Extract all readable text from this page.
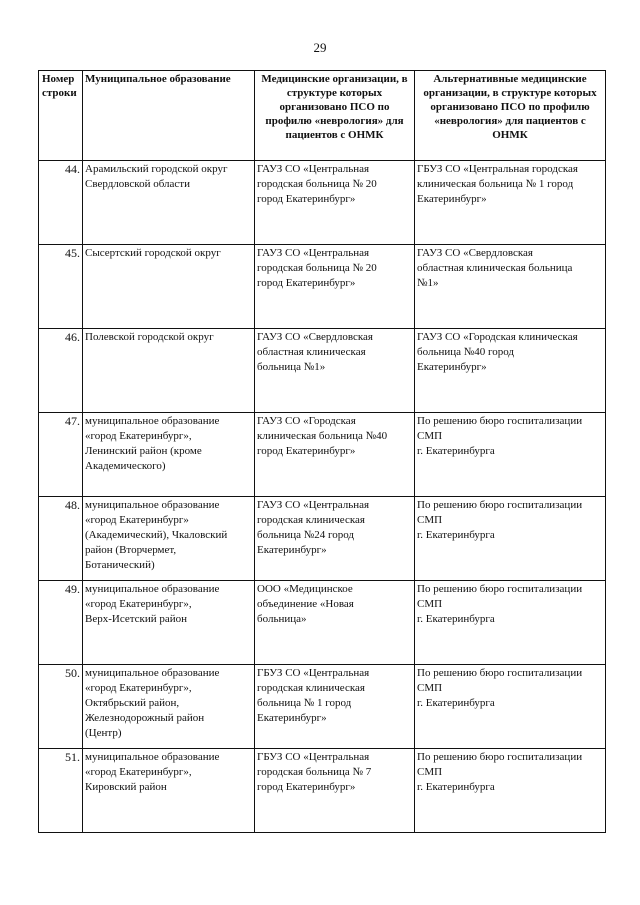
29
Номер строки	Муниципальное образование	Медицинские организации, в структуре которых организовано ПСО по профилю «неврология» для пациентов с ОНМК	Альтернативные медицинские организации, в структуре которых организовано ПСО по профилю «неврология» для пациентов с ОНМК
44.	Арамильский городской округ
Свердловской области	ГАУЗ СО «Центральная
городская больница № 20
город Екатеринбург»	ГБУЗ СО «Центральная городская
клиническая больница № 1 город
Екатеринбург»
45.	Сысертский городской округ	ГАУЗ СО «Центральная
городская больница № 20
город Екатеринбург»	ГАУЗ СО «Свердловская
областная клиническая больница
№1»
46.	Полевской городской округ	ГАУЗ СО «Свердловская
областная клиническая
больница №1»	ГАУЗ СО «Городская клиническая
больница №40 город
Екатеринбург»
47.	муниципальное образование
«город Екатеринбург»,
Ленинский район (кроме
Академического)	ГАУЗ СО «Городская
клиническая больница №40
город Екатеринбург»	По решению бюро госпитализации
СМП
г. Екатеринбурга
48.	муниципальное образование
«город Екатеринбург»
(Академический), Чкаловский
район (Вторчермет,
Ботанический)	ГАУЗ СО «Центральная
городская клиническая
больница №24 город
Екатеринбург»	По решению бюро госпитализации
СМП
г. Екатеринбурга
49.	муниципальное образование
«город Екатеринбург»,
Верх-Исетский район	ООО «Медицинское
объединение «Новая
больница»	По решению бюро госпитализации
СМП
г. Екатеринбурга
50.	муниципальное образование
«город Екатеринбург»,
Октябрьский район,
Железнодорожный район
(Центр)	ГБУЗ СО «Центральная
городская клиническая
больница № 1 город
Екатеринбург»	По решению бюро госпитализации
СМП
г. Екатеринбурга
51.	муниципальное образование
«город Екатеринбург»,
Кировский район	ГБУЗ СО «Центральная
городская больница № 7
город Екатеринбург»	По решению бюро госпитализации
СМП
г. Екатеринбурга
